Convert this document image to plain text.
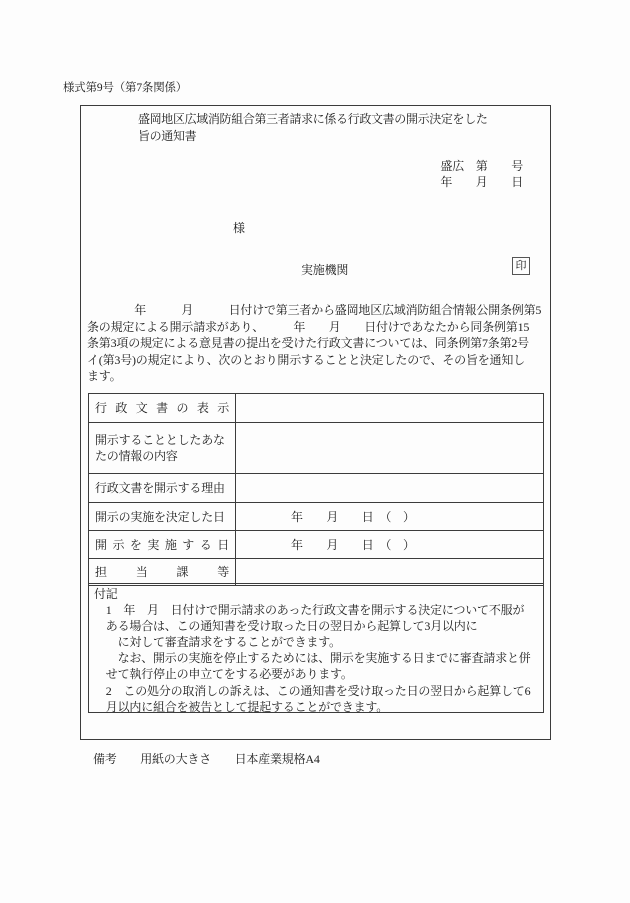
様式第9号（第7条関係）
盛岡地区広域消防組合第三者請求に係る行政文書の開示決定をした
旨の通知書
盛広　第　　号
年　　月　　日
様
実施機関	印
　　　　年　　　月　　　日付けで第三者から盛岡地区広域消防組合情報公開条例第5
条の規定による開示請求があり、　　　年　　月　　日付けであなたから同条例第15
条第3項の規定による意見書の提出を受けた行政文書については、同条例第7条第2号
イ(第3号)の規定により、次のとおり開示することと決定したので、その旨を通知し
ます。
行政文書の表示
開示することとしたあなたの情報の内容
行政文書を開示する理由
開示の実施を決定した日	年　　月　　日　（　）
開示を実施する日	年　　月　　日　（　）
担当課等
付記
　1　年　月　日付けで開示請求のあった行政文書を開示する決定について不服が
　ある場合は、この通知書を受け取った日の翌日から起算して3月以内に
　　に対して審査請求をすることができます。
　　なお、開示の実施を停止するためには、開示を実施する日までに審査請求と併
　せて執行停止の申立てをする必要があります。
　2　この処分の取消しの訴えは、この通知書を受け取った日の翌日から起算して6
　月以内に組合を被告として提起することができます。
備考　　用紙の大きさ　　日本産業規格A4
